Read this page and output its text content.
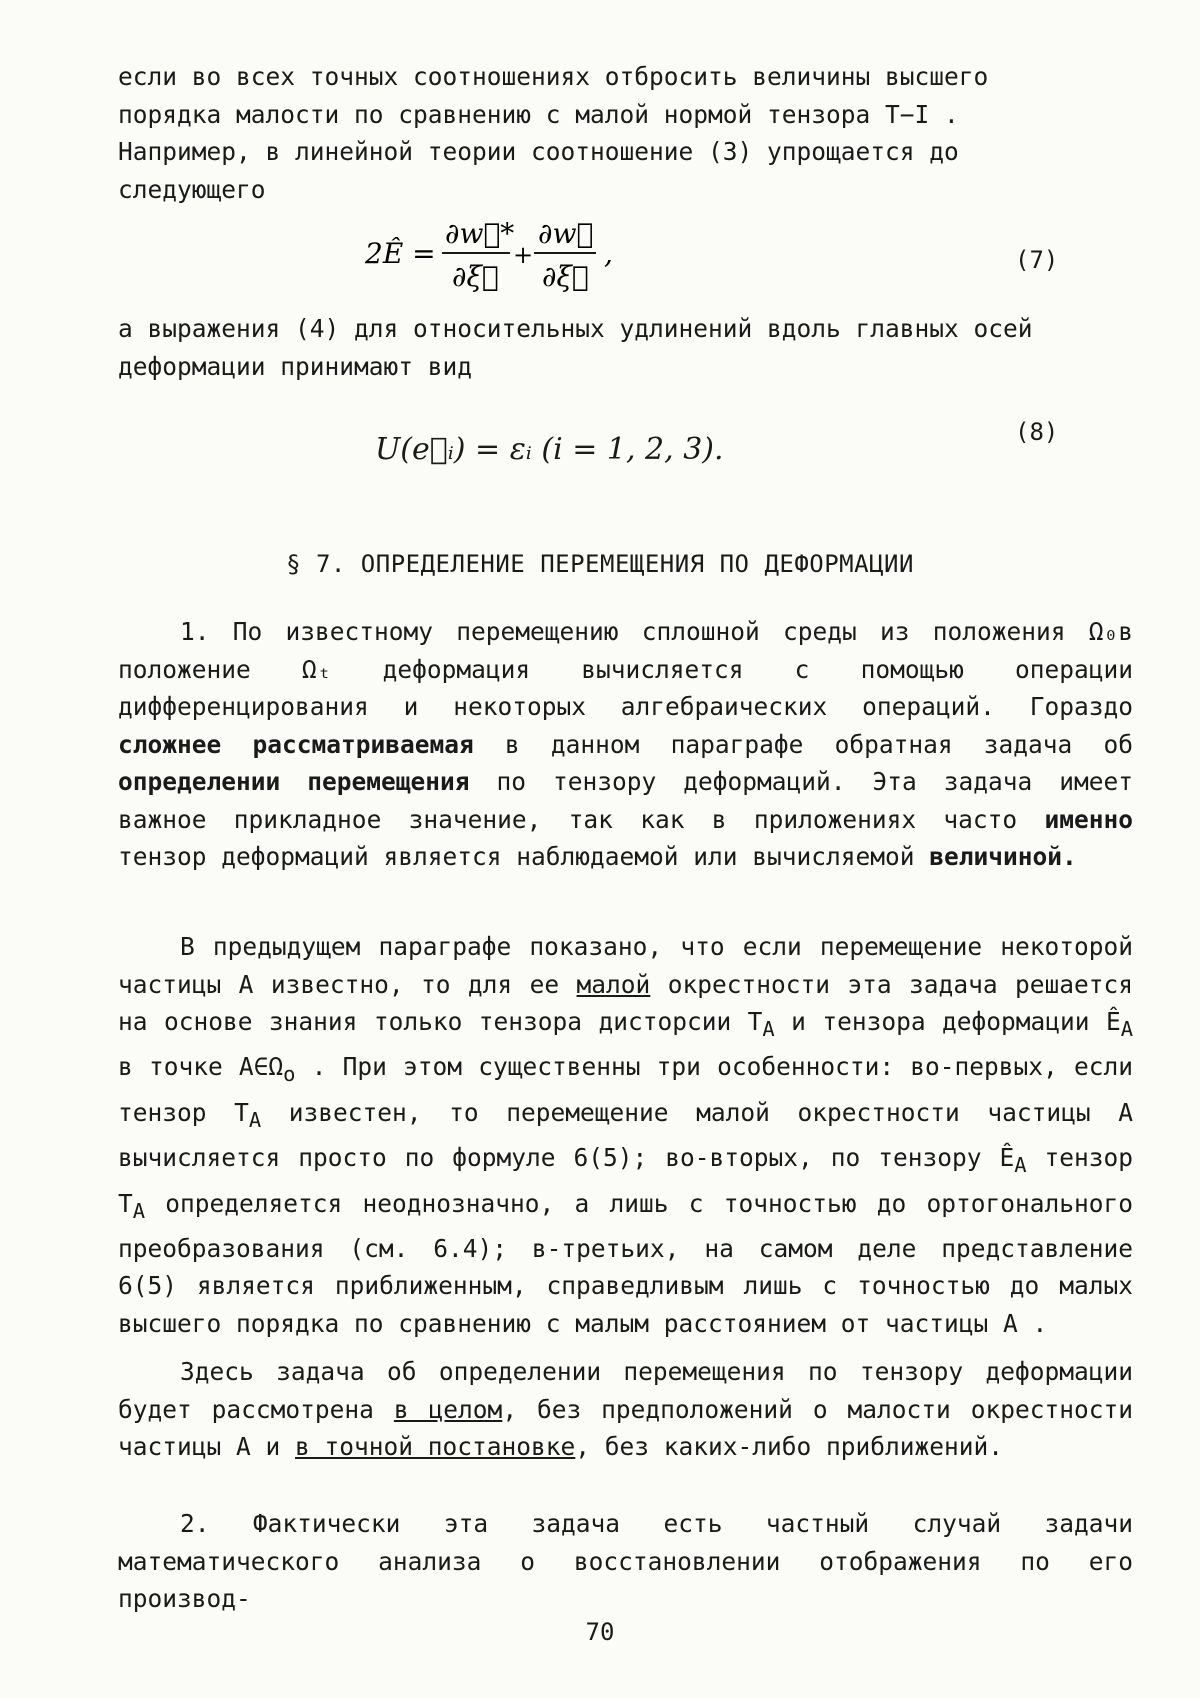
если во всех точных соотношениях отбросить величины высшего
порядка малости по сравнению с малой нормой тензора T−I .
Например, в линейной теории соотношение (3) упрощается до
следующего

2Ê =
∂w⃗*
∂ξ⃗
+
∂w⃗
∂ξ⃗
,	(7)

а выражения (4) для относительных удлинений вдоль главных осей
деформации принимают вид

(8)
U(e⃗ᵢ) = εᵢ (i = 1, 2, 3).
§ 7. ОПРЕДЕЛЕНИЕ ПЕРЕМЕЩЕНИЯ ПО ДЕФОРМАЦИИ

1. По известному перемещению сплошной среды из положения Ω₀в положение Ωₜ деформация вычисляется с помощью операции дифференцирования и некоторых алгебраических операций. Гораздо сложнее рассматриваемая в данном параграфе обратная задача об определении перемещения по тензору деформаций. Эта задача имеет важное прикладное значение, так как в приложениях часто именно тензор деформаций является наблюдаемой или вычисляемой величиной.

В предыдущем параграфе показано, что если перемещение некоторой частицы A известно, то для ее малой окрестности эта задача решается на основе знания только тензора дисторсии $T_A$ и тензора деформации $Ê_A$ в точке $A\in\Omega_o$ . При этом существенны три особенности: во-первых, если тензор $T_A$ известен, то перемещение малой окрестности частицы A вычисляется просто по формуле 6(5); во-вторых, по тензору $Ê_A$ тензор $T_A$ определяется неоднозначно, а лишь с точностью до ортогонального преобразования (см. 6.4); в-третьих, на самом деле представление 6(5) является приближенным, справедливым лишь с точностью до малых высшего порядка по сравнению с малым расстоянием от частицы A .

Здесь задача об определении перемещения по тензору деформации будет рассмотрена в целом, без предположений о малости окрестности частицы A и в точной постановке, без каких-либо приближений.

2. Фактически эта задача есть частный случай задачи математического анализа о восстановлении отображения по его производ-

70
